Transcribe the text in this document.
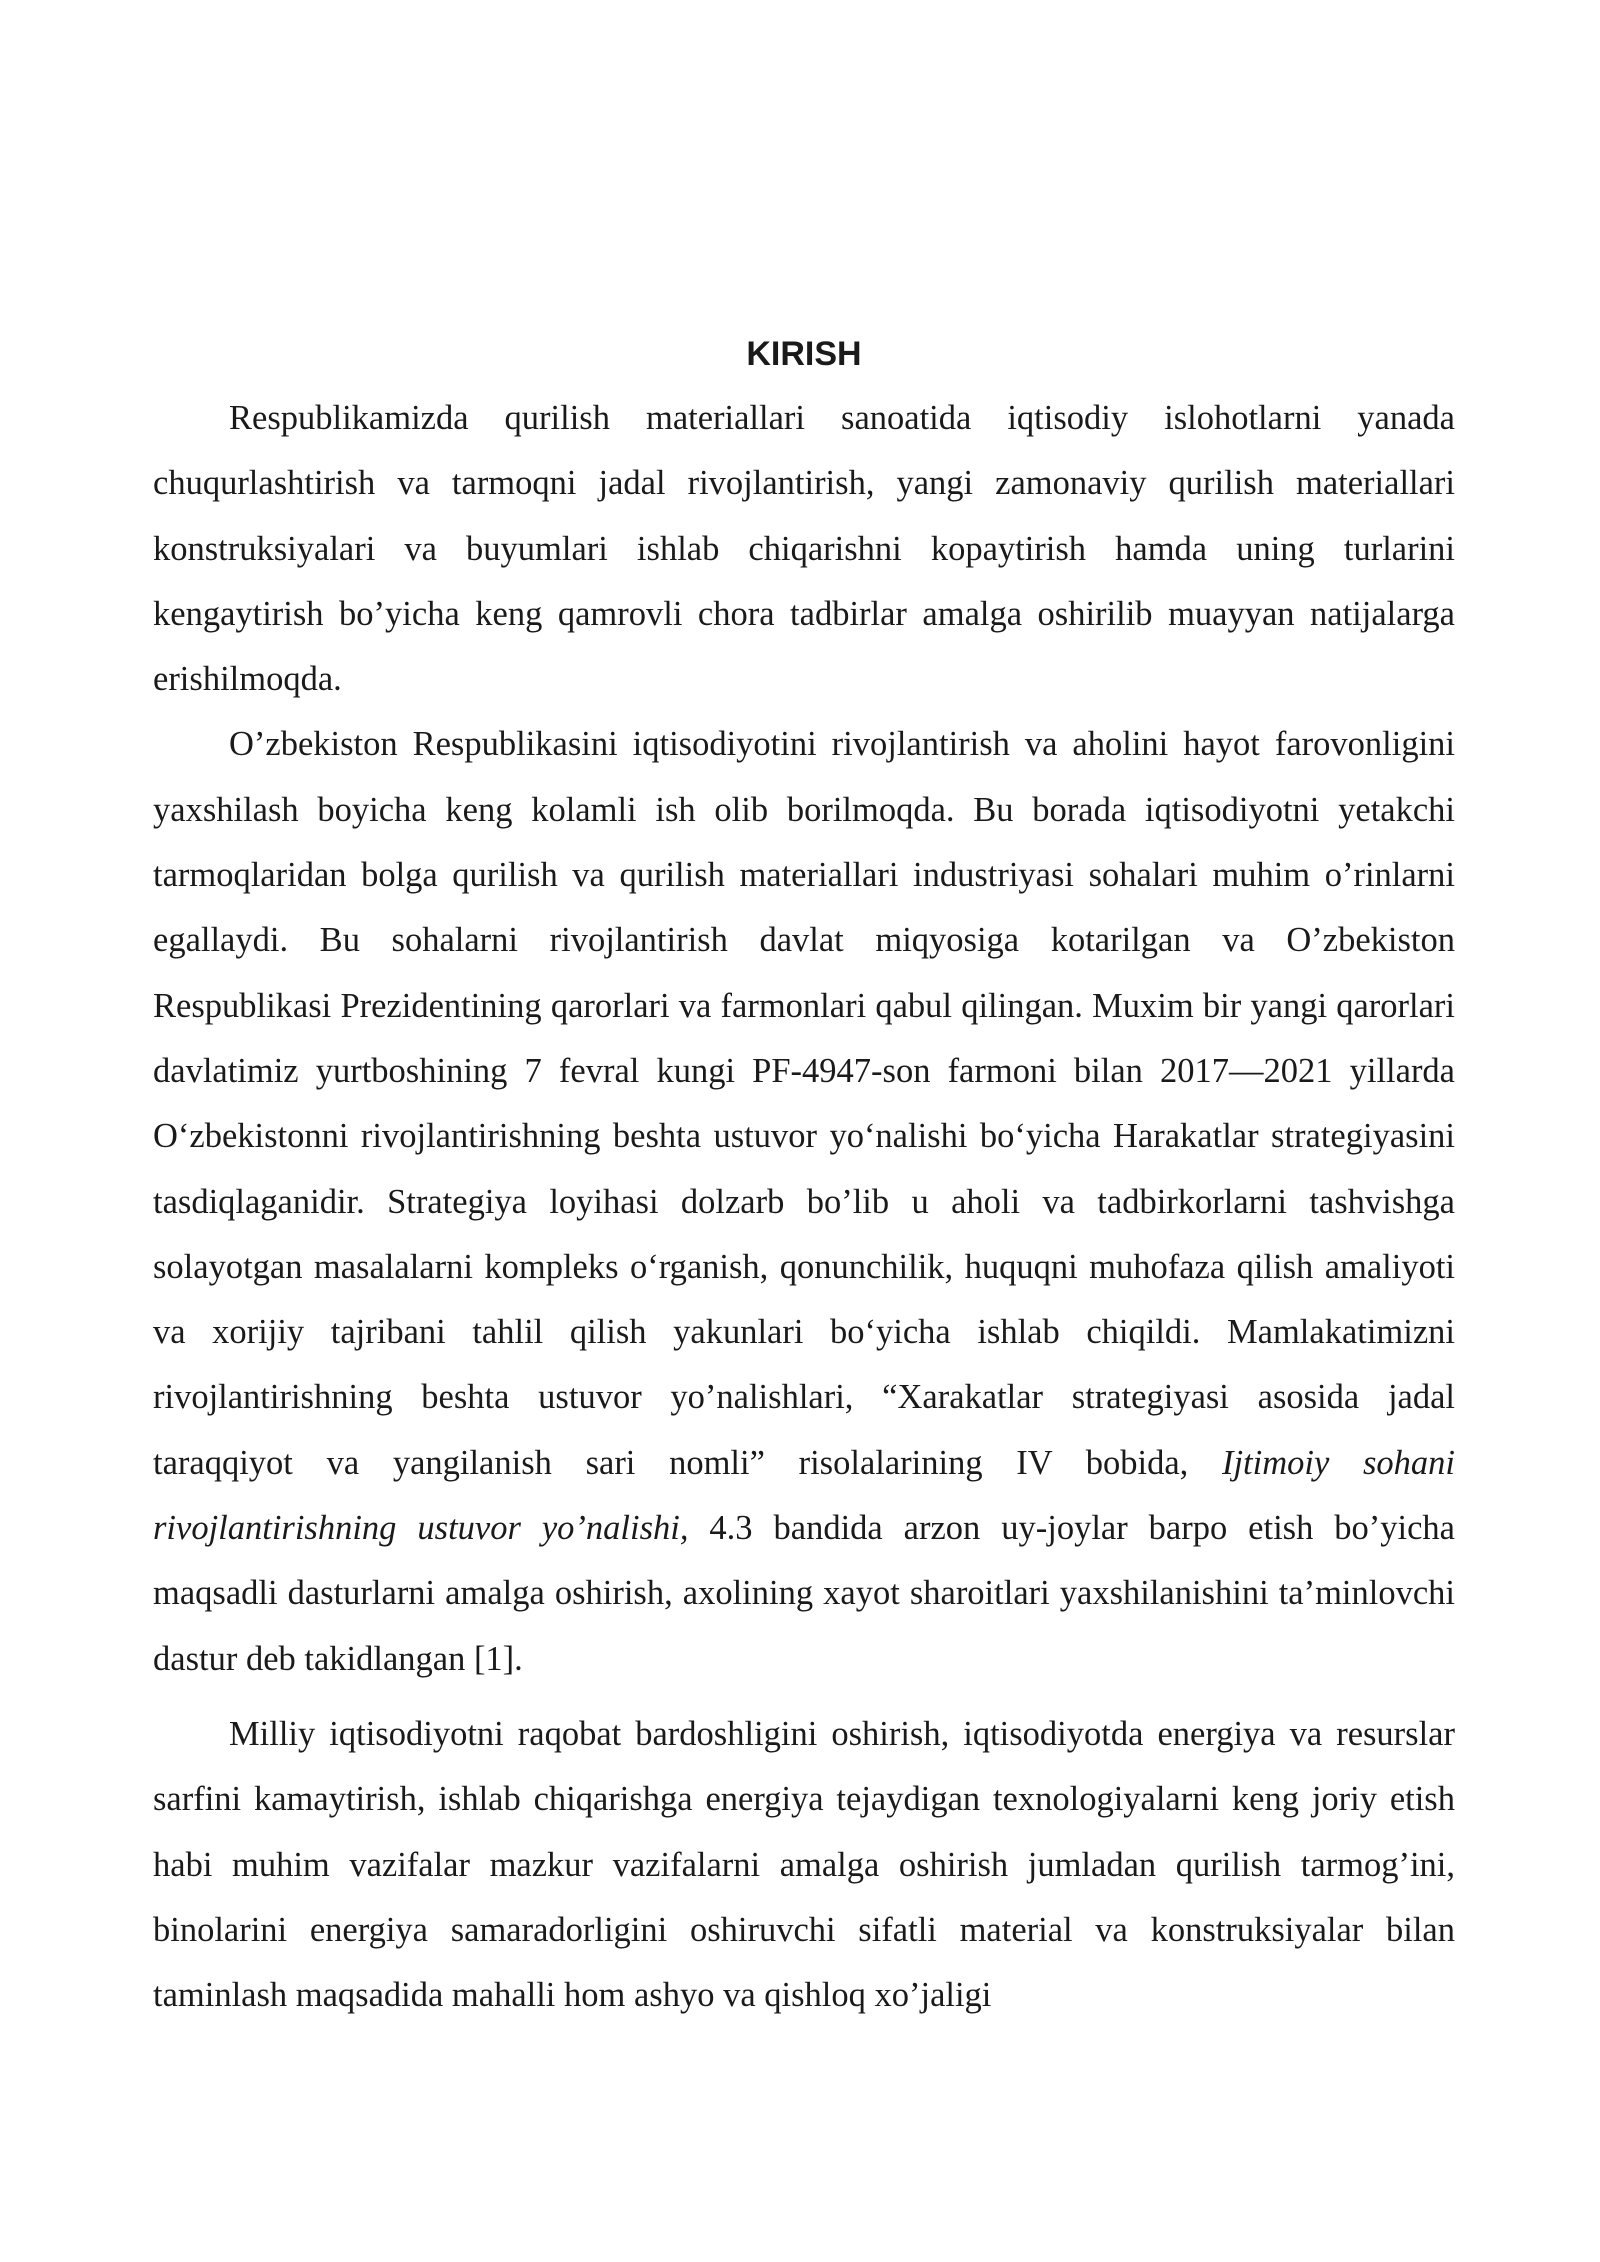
KIRISH

Respublikamizda qurilish materiallari sanoatida iqtisodiy islohotlarni yanada chuqurlashtirish va tarmoqni jadal rivojlantirish, yangi zamonaviy qurilish materiallari konstruksiyalari va buyumlari ishlab chiqarishni kopaytirish hamda uning turlarini kengaytirish bo’yicha keng qamrovli chora tadbirlar amalga oshirilib muayyan natijalarga erishilmoqda.

O’zbekiston Respublikasini iqtisodiyotini rivojlantirish va aholini hayot farovonligini yaxshilash boyicha keng kolamli ish olib borilmoqda. Bu borada iqtisodiyotni yetakchi tarmoqlaridan bolga qurilish va qurilish materiallari industriyasi sohalari muhim o’rinlarni egallaydi. Bu sohalarni rivojlantirish davlat miqyosiga kotarilgan va O’zbekiston Respublikasi Prezidentining qarorlari va farmonlari qabul qilingan. Muxim bir yangi qarorlari davlatimiz yurtboshining 7 fevral kungi PF-4947-son farmoni bilan 2017—2021 yillarda O‘zbekistonni rivojlantirishning beshta ustuvor yo‘nalishi bo‘yicha Harakatlar strategiyasini tasdiqlaganidir. Strategiya loyihasi dolzarb bo’lib u aholi va tadbirkorlarni tashvishga solayotgan masalalarni kompleks o‘rganish, qonunchilik, huquqni muhofaza qilish amaliyoti va xorijiy tajribani tahlil qilish yakunlari bo‘yicha ishlab chiqildi. Mamlakatimizni rivojlantirishning beshta ustuvor yo’nalishlari, “Xarakatlar strategiyasi asosida jadal taraqqiyot va yangilanish sari nomli” risolalarining IV bobida, Ijtimoiy sohani rivojlantirishning ustuvor yo’nalishi, 4.3 bandida arzon uy-joylar barpo etish bo’yicha maqsadli dasturlarni amalga oshirish, axolining xayot sharoitlari yaxshilanishini ta’minlovchi dastur deb takidlangan [1].

Milliy iqtisodiyotni raqobat bardoshligini oshirish, iqtisodiyotda energiya va resurslar sarfini kamaytirish, ishlab chiqarishga energiya tejaydigan texnologiyalarni keng joriy etish habi muhim vazifalar mazkur vazifalarni amalga oshirish jumladan qurilish tarmog’ini, binolarini energiya samaradorligini oshiruvchi sifatli material va konstruksiyalar bilan taminlash maqsadida mahalli hom ashyo va qishloq xo’jaligi
